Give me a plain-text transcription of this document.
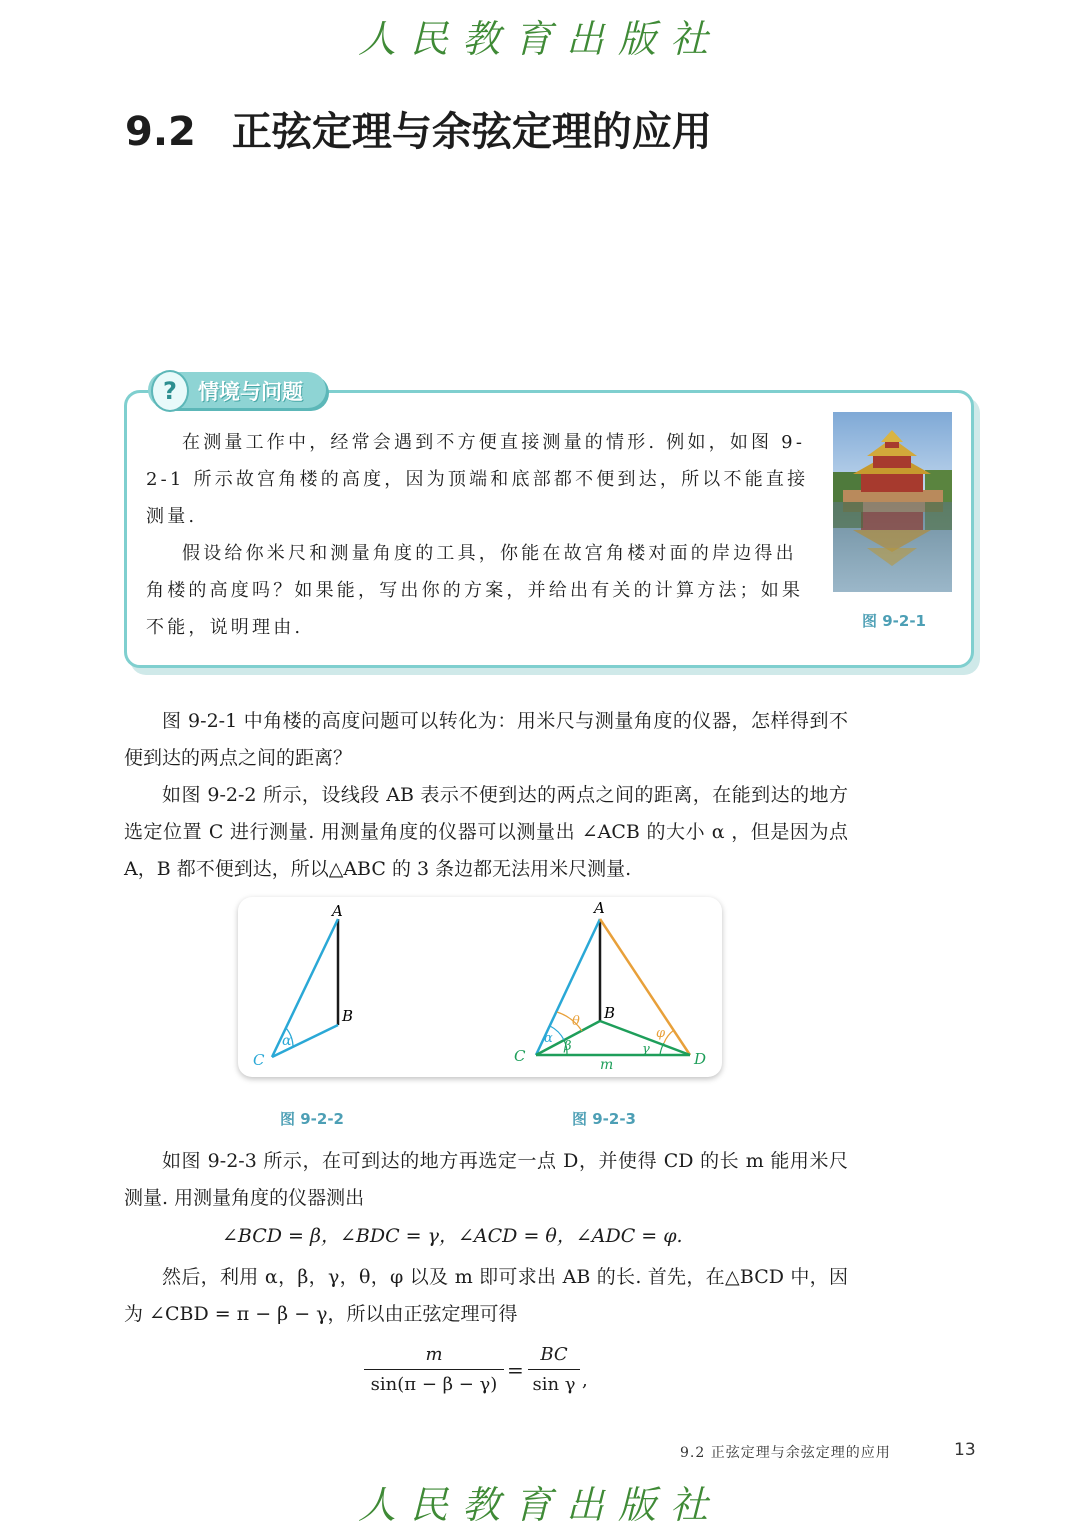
人民教育出版社
9.2 正弦定理与余弦定理的应用
?	情境与问题

在测量工作中，经常会遇到不方便直接测量的情形. 例如，如图 9-2-1 所示故宫角楼的高度，因为顶端和底部都不便到达，所以不能直接测量.

假设给你米尺和测量角度的工具，你能在故宫角楼对面的岸边得出角楼的高度吗？如果能，写出你的方案，并给出有关的计算方法；如果不能，说明理由.	图 9-2-1

图 9-2-1 中角楼的高度问题可以转化为：用米尺与测量角度的仪器，怎样得到不便到达的两点之间的距离？

如图 9-2-2 所示，设线段 AB 表示不便到达的两点之间的距离，在能到达的地方选定位置 C 进行测量. 用测量角度的仪器可以测量出 ∠ACB 的大小 α ，但是因为点 A，B 都不便到达，所以△ABC 的 3 条边都无法用米尺测量.

A
B
C
α
A
B
C	D
α
β
θ
γ
φ
m
图 9-2-2	图 9-2-3

如图 9-2-3 所示，在可到达的地方再选定一点 D，并使得 CD 的长 m 能用米尺测量. 用测量角度的仪器测出

∠BCD = β，∠BDC = γ，∠ACD = θ，∠ADC = φ.

然后，利用 α，β，γ，θ，φ 以及 m 即可求出 AB 的长. 首先，在△BCD 中，因为 ∠CBD = π − β − γ，所以由正弦定理可得

m
sin(π − β − γ)
=
BC
sin γ ,
9.2 正弦定理与余弦定理的应用	13
人民教育出版社
